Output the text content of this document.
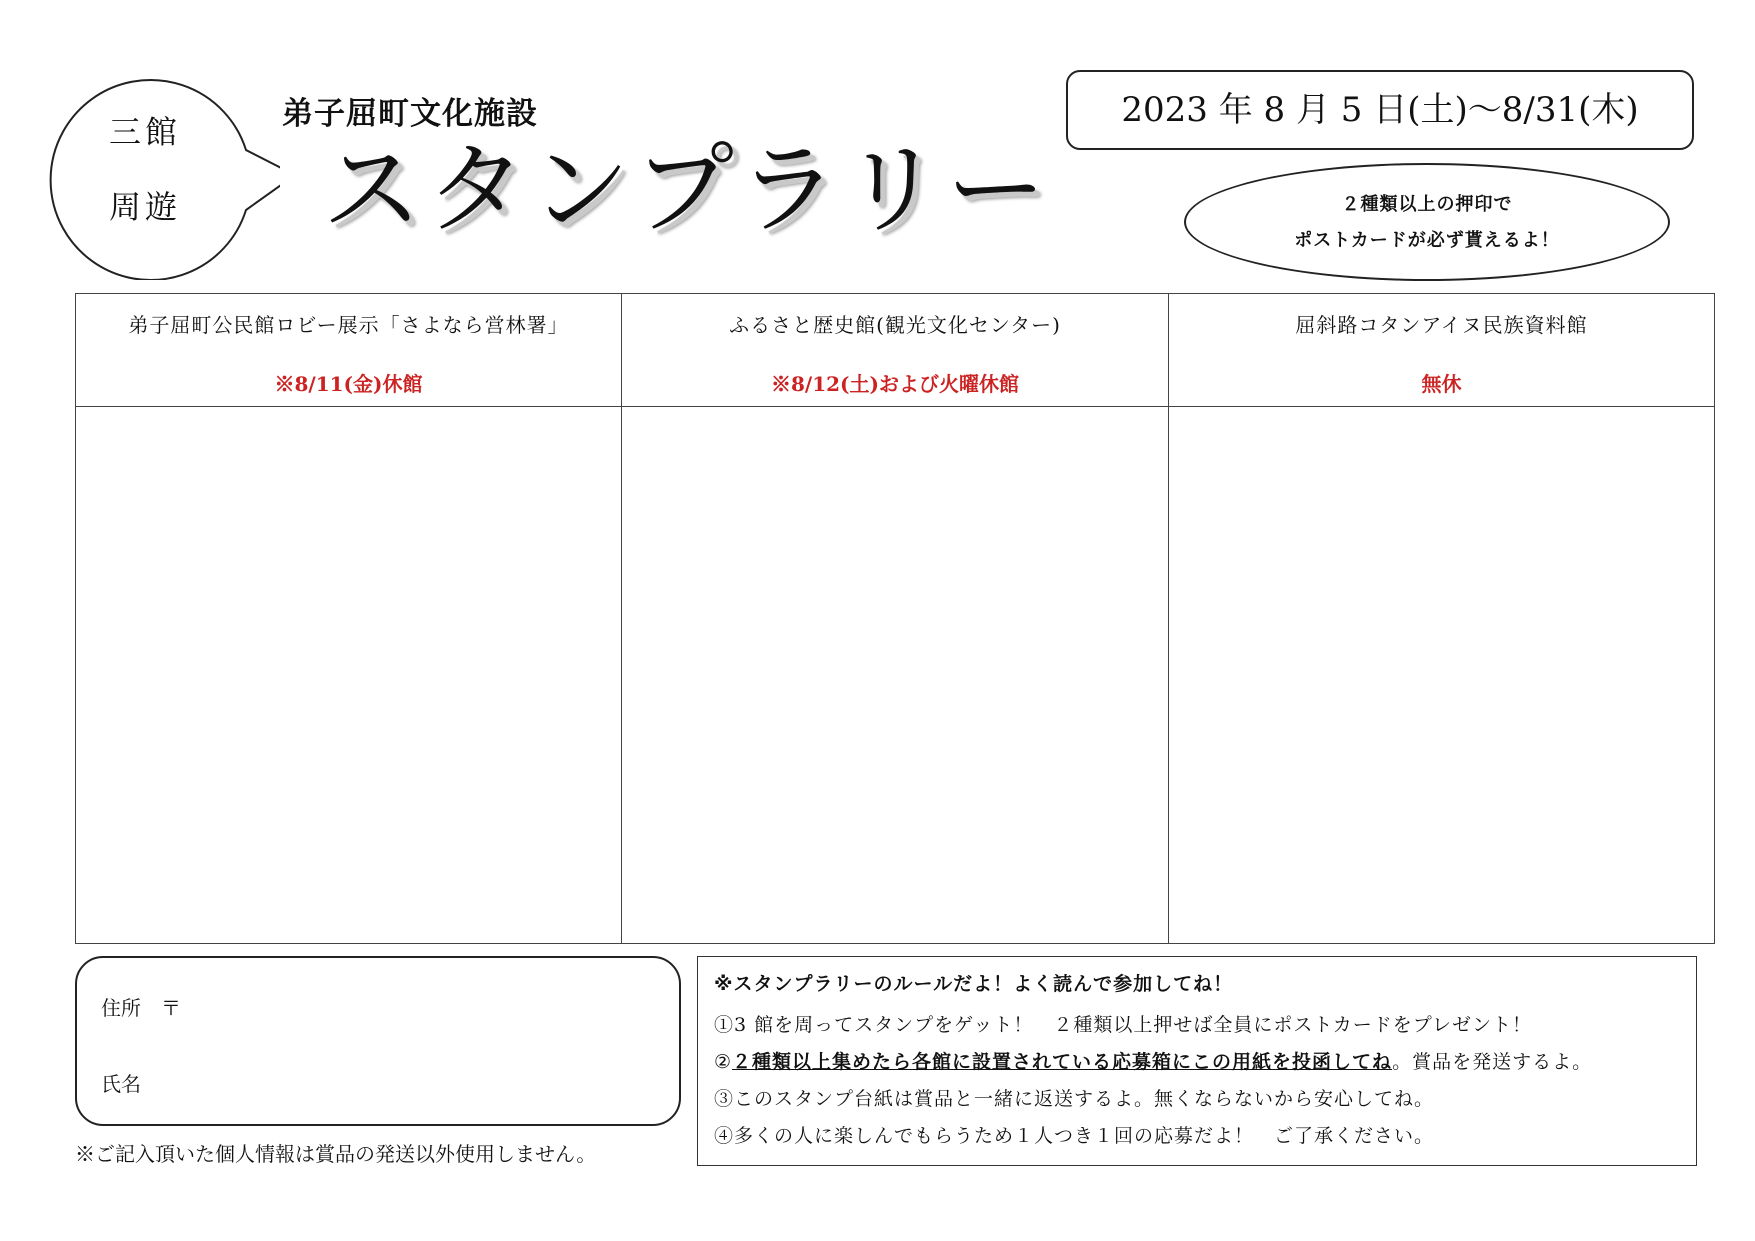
三館
周遊
弟子屈町文化施設
スタンプラリー
2023 年 8 月 5 日(土)～8/31(木)
２種類以上の押印で
ポストカードが必ず貰えるよ！
弟子屈町公民館ロビー展示「さよなら営林署」
※8/11(金)休館
ふるさと歴史館(観光文化センター)
※8/12(土)および火曜休館
屈斜路コタンアイヌ民族資料館
無休
住所　〒
氏名
※ご記入頂いた個人情報は賞品の発送以外使用しません。
※スタンプラリーのルールだよ！よく読んで参加してね！
①3 館を周ってスタンプをゲット！　２種類以上押せば全員にポストカードをプレゼント！
②２種類以上集めたら各館に設置されている応募箱にこの用紙を投函してね。賞品を発送するよ。
③このスタンプ台紙は賞品と一緒に返送するよ。無くならないから安心してね。
④多くの人に楽しんでもらうため１人つき１回の応募だよ！　ご了承ください。
